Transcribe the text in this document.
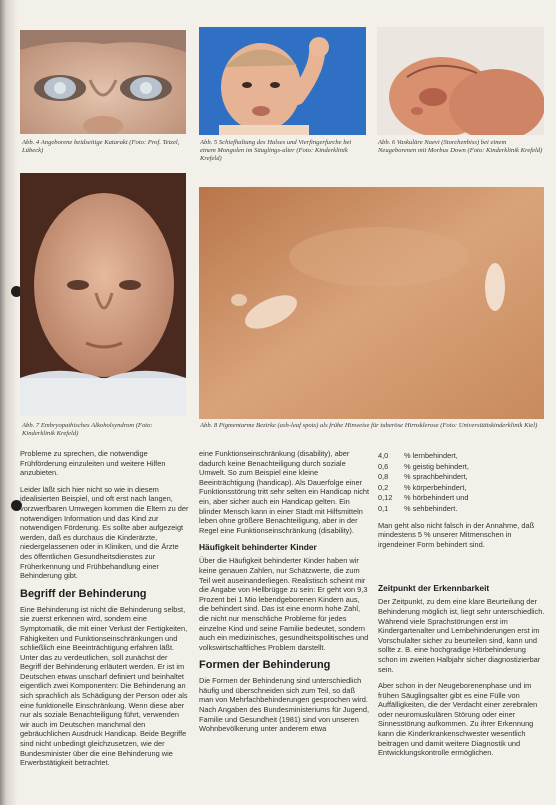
Abb. 4 Angeborene beidseitige Katarakt (Foto: Prof. Tetzel, Lübeck)
Abb. 5 Schiefhaltung des Halses und Vierfingerfurche bei einem Mongolen im Säuglings-alter (Foto: Kinderklinik Krefeld)
Abb. 6 Vaskuläre Naevi (Storchenbiss) bei einem Neugeborenen mit Morbus Down (Foto: Kinderklinik Krefeld)
Abb. 7 Embryopathisches Alkoholsyndrom (Foto: Kinderklinik Krefeld)
Abb. 8 Pigmentarme Bezirke (ash-leaf spots) als frühe Hinweise für tuberöse Hirnsklerose (Foto: Universitätskinderklinik Kiel)

Probleme zu sprechen, die notwendige Frühförderung einzuleiten und weitere Hilfen anzubieten.

Leider läßt sich hier nicht so wie in diesem idealisierten Beispiel, und oft erst nach langen, vorzwerfbaren Umwegen kommen die Eltern zu der notwendigen Information und das Kind zur notwendigen Förderung. Es sollte aber aufgezeigt werden, daß es durchaus die Kinderärzte, niedergelassenen oder in Kliniken, und die Ärzte des öffentlichen Gesundheitsdienstes zur Früherkennung und Frühbehandlung einer Behinderung gibt.

Begriff der Behinderung

Eine Behinderung ist nicht die Behinderung selbst, sie zuerst erkennen wird, sondern eine Symptomatik, die mit einer Verlust der Fertigkeiten, Fähigkeiten und Funktionseinschränkungen und schließlich eine Beeinträchtigung erfahren läßt. Unter das zu verdeutlichen, soll zunächst der Begriff der Behinderung erläutert werden. Er ist im Deutschen etwas unscharf definiert und beinhaltet eigentlich zwei Komponenten: Die Behinderung an sich sprachlich als Schädigung der Person oder als eine funktionelle Einschränkung. Wenn diese aber nur als soziale Benachteiligung führt, verwenden wir auch im Deutschen manchmal den gebräuchlichen Ausdruck Handicap. Beide Begriffe sind nicht unbedingt gleichzusetzen, wie der Bundesminister über die eine Behinderung wie Erwerbstätigkeit betrachtet.

eine Funktionseinschränkung (disability), aber dadurch keine Benachteiligung durch soziale Umwelt. So zum Beispiel eine kleine Beeinträchtigung (handicap). Als Dauerfolge einer Funktionsstörung tritt sehr selten ein Handicap nicht ein, aber sicher auch ein Handicap gelten. Ein blinder Mensch kann in einer Stadt mit Hilfsmitteln leben ohne größere Benachteiligung, aber in der Regel eine Funktionseinschränkung (disability).

Häufigkeit behinderter Kinder

Über die Häufigkeit behinderter Kinder haben wir keine genauen Zahlen, nur Schätzwerte, die zum Teil weit auseinanderliegen. Realistisch scheint mir die Angabe von Hellbrügge zu sein: Er geht von 9,3 Prozent bei 1 Mio lebendgeborenen Kindern aus, die behindert sind. Das ist eine enorm hohe Zahl, die nicht nur menschliche Probleme für jedes einzelne Kind und seine Familie bedeutet, sondern auch ein medizinisches, gesundheitspolitisches und volkswirtschaftliches Problem darstellt.

Formen der Behinderung

Die Formen der Behinderung sind unterschiedlich häufig und überschneiden sich zum Teil, so daß man von Mehrfachbehinderungen gesprochen wird. Nach Angaben des Bundesministeriums für Jugend, Familie und Gesundheit (1981) sind von unseren Wohnbevölkerung unter anderem etwa

4,0	% lernbehindert,
0,6	% geistig behindert,
0,8	% sprachbehindert,
0,2	% körperbehindert,
0,12	% hörbehindert und
0,1	% sehbehindert.

Man geht also nicht falsch in der Annahme, daß mindestens 5 % unserer Mitmenschen in irgendeiner Form behindert sind.

Zeitpunkt der Erkennbarkeit

Der Zeitpunkt, zu dem eine klare Beurteilung der Behinderung möglich ist, liegt sehr unterschiedlich. Während viele Sprachstörungen erst im Kindergartenalter und Lernbehinderungen erst im Vorschulalter sicher zu beurteilen sind, kann und sollte z. B. eine hochgradige Hörbehinderung schon im zweiten Halbjahr sicher diagnostizierbar sein.

Aber schon in der Neugeborenenphase und im frühen Säuglingsalter gibt es eine Fülle von Auffälligkeiten, die der Verdacht einer zerebralen oder neuromuskulären Störung oder einer Sinnesstörung aufkommen. Zu ihrer Erkennung kann die Kinderkrankenschwester wesentlich beitragen und damit weitere Diagnostik und Entwicklungskontrolle ermöglichen.
